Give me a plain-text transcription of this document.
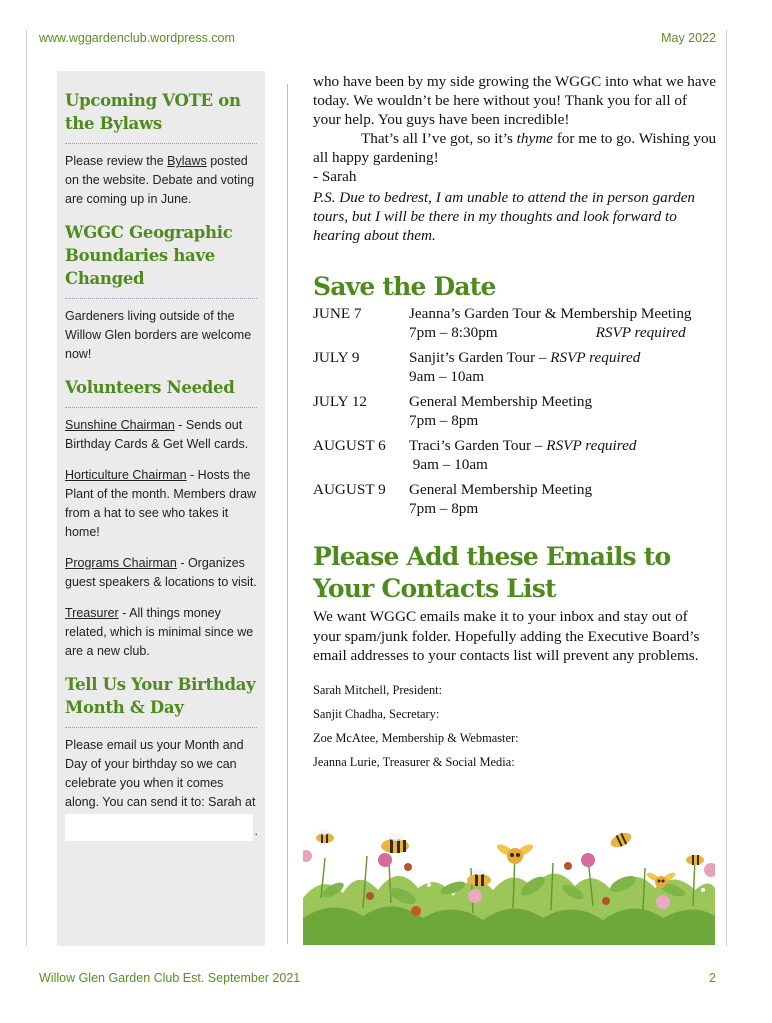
www.wggardenclub.wordpress.com	May 2022
Upcoming VOTE on the Bylaws

Please review the Bylaws posted on the website. Debate and voting are coming up in June.

WGGC Geographic Boundaries have Changed

Gardeners living outside of the Willow Glen borders are welcome now!

Volunteers Needed

Sunshine Chairman - Sends out Birthday Cards & Get Well cards.

Horticulture Chairman - Hosts the Plant of the month. Members draw from a hat to see who takes it home!

Programs Chairman - Organizes guest speakers & locations to visit.

Treasurer - All things money related, which is minimal since we are a new club.

Tell Us Your Birthday Month & Day

Please email us your Month and Day of your birthday so we can celebrate you when it comes along. You can send it to: Sarah at

.

who have been by my side growing the WGGC into what we have today. We wouldn’t be here without you! Thank you for all of your help. You guys have been incredible!

That’s all I’ve got, so it’s thyme for me to go. Wishing you all happy gardening!

- Sarah

P.S. Due to bedrest, I am unable to attend the in person garden tours, but I will be there in my thoughts and look forward to hearing about them.

Save the Date
JUNE 7	Jeanna’s Garden Tour & Membership Meeting
7pm – 8:30pm	RSVP required
JULY 9	Sanjit’s Garden Tour – RSVP required
9am – 10am
JULY 12	General Membership Meeting
7pm – 8pm
AUGUST 6	Traci’s Garden Tour – RSVP required
9am – 10am
AUGUST 9	General Membership Meeting
7pm – 8pm
Please Add these Emails to Your Contacts List

We want WGGC emails make it to your inbox and stay out of your spam/junk folder. Hopefully adding the Executive Board’s email addresses to your contacts list will prevent any problems.

Sarah Mitchell, President:
Sanjit Chadha, Secretary:
Zoe McAtee, Membership & Webmaster:
Jeanna Lurie, Treasurer & Social Media:
Willow Glen Garden Club Est. September 2021	2
